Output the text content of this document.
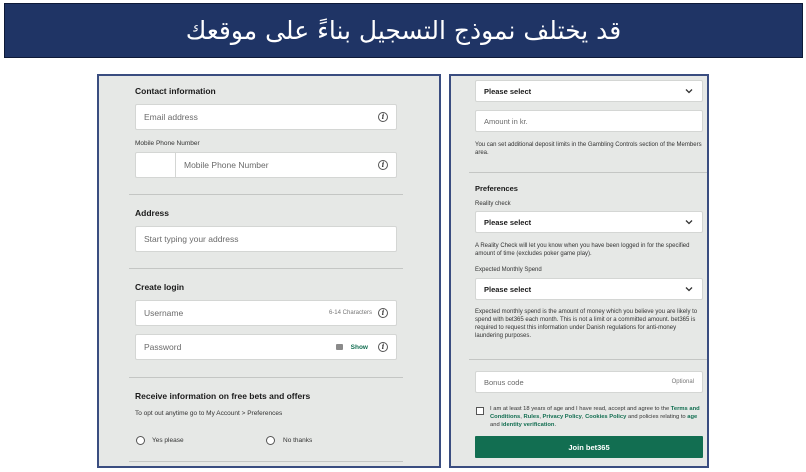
قد يختلف نموذج التسجيل بناءً على موقعك
Contact information
Email address	i
Mobile Phone Number
Mobile Phone Number	i
Address
Start typing your address
Create login
Username	6-14 Characters	i
Password	Show	i
Receive information on free bets and offers
To opt out anytime go to My Account > Preferences
Yes please	No thanks
Please select
Amount in kr.
You can set additional deposit limits in the Gambling Controls section of the Members area.
Preferences
Reality check
Please select
A Reality Check will let you know when you have been logged in for the specified amount of time (excludes poker game play).
Expected Monthly Spend
Please select
Expected monthly spend is the amount of money which you believe you are likely to spend with bet365 each month. This is not a limit or a committed amount. bet365 is required to request this information under Danish regulations for anti-money laundering purposes.
Bonus code	Optional
I am at least 18 years of age and I have read, accept and agree to the Terms and Conditions, Rules, Privacy Policy, Cookies Policy and policies relating to age and identity verification.
Join bet365
